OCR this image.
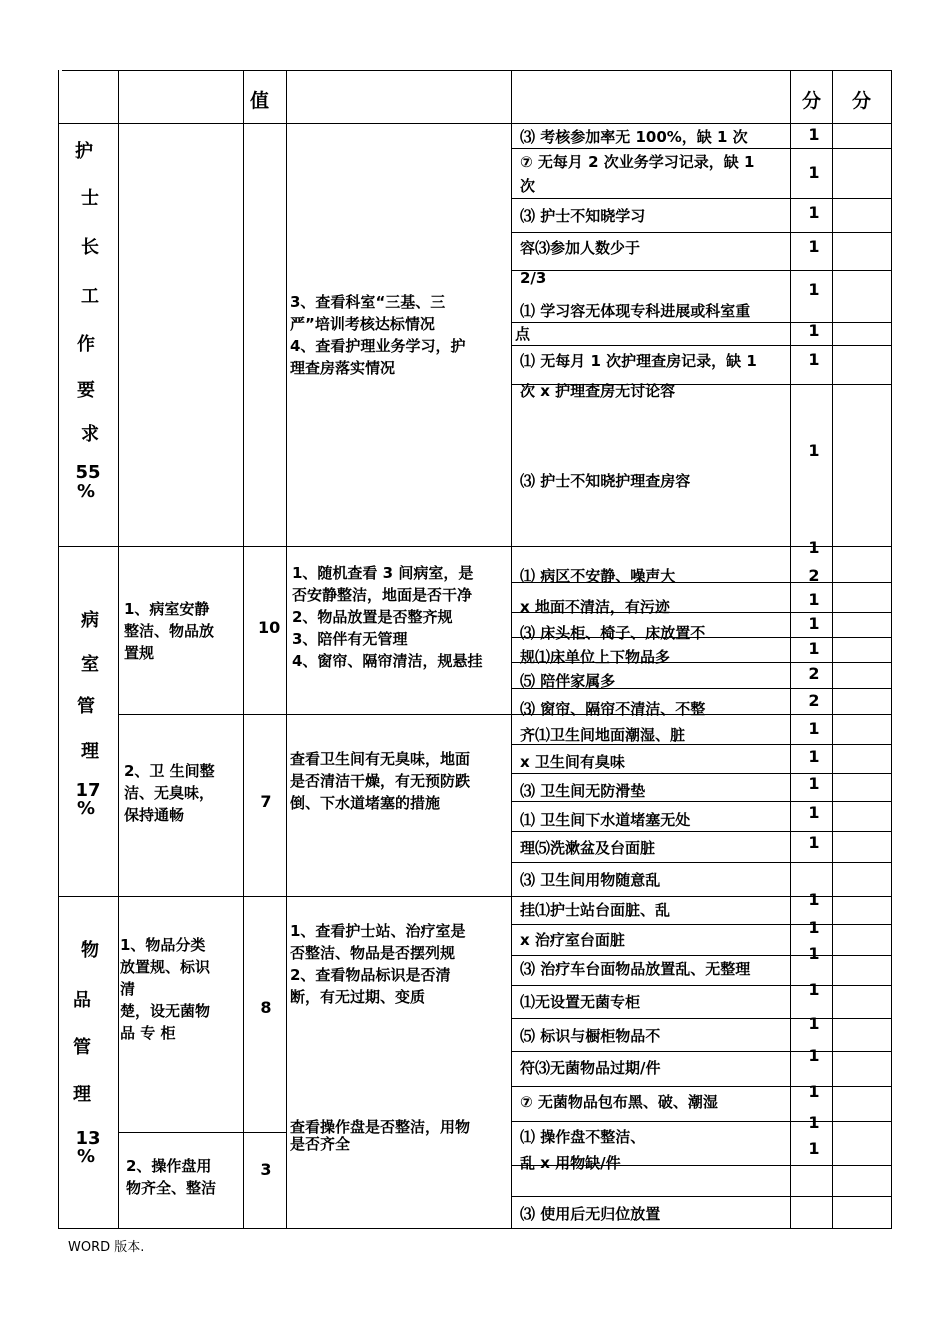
值	分 分
护
士
长
工
作
要
求
55
%
3、查看科室“三基、三
严”培训考核达标情况
4、查看护理业务学习，护
理查房落实情况
⑶ 考核参加率无 100%，缺 1 次
⑦ 无每月 2 次业务学习记录，缺 1
次
⑶ 护士不知晓学习
容⑶参加人数少于
2/3
⑴ 学习容无体现专科进展或科室重
点
⑴ 无每月 1 次护理查房记录，缺 1
次 x 护理查房无讨论容
⑶ 护士不知晓护理查房容
1
1
1
1
1
1
1
1
病
室
管
理
17
%
1、病室安静
整洁、物品放
置规
10
1、随机查看 3 间病室，是
否安静整洁，地面是否干净
2、物品放置是否整齐规
3、陪伴有无管理
4、窗帘、隔帘清洁，规悬挂
2、卫 生间整
洁、无臭味，
保持通畅
7
查看卫生间有无臭味，地面
是否清洁干燥，有无预防跌
倒、下水道堵塞的措施
⑴ 病区不安静、噪声大
x 地面不清洁，有污迹
⑶ 床头柜、椅子、床放置不
规⑴床单位上下物品多
⑸ 陪伴家属多
⑶ 窗帘、隔帘不清洁、不整
齐⑴卫生间地面潮湿、脏
x 卫生间有臭味
⑶ 卫生间无防滑垫
⑴ 卫生间下水道堵塞无处
理⑸洗漱盆及台面脏
⑶ 卫生间用物随意乱
1
2
1
1
1
2
2
1
1
1
1
1
物
品
管
理
13
%
1、物品分类
放置规、标识
清
楚，设无菌物
品 专 柜
8
1、查看护士站、治疗室是
否整洁、物品是否摆列规
2、查看物品标识是否清
断，有无过期、变质
2、操作盘用
物齐全、整洁
3
查看操作盘是否整洁，用物
是否齐全
挂⑴护士站台面脏、乱
x 治疗室台面脏
⑶ 治疗车台面物品放置乱、无整理
⑴无设置无菌专柜
⑸ 标识与橱柜物品不
符⑶无菌物品过期/件
⑦ 无菌物品包布黑、破、潮湿
⑴ 操作盘不整洁、
乱 x 用物缺/件
⑶ 使用后无归位放置
1
1
1
1
1
1
1
1
1
WORD 版本.
